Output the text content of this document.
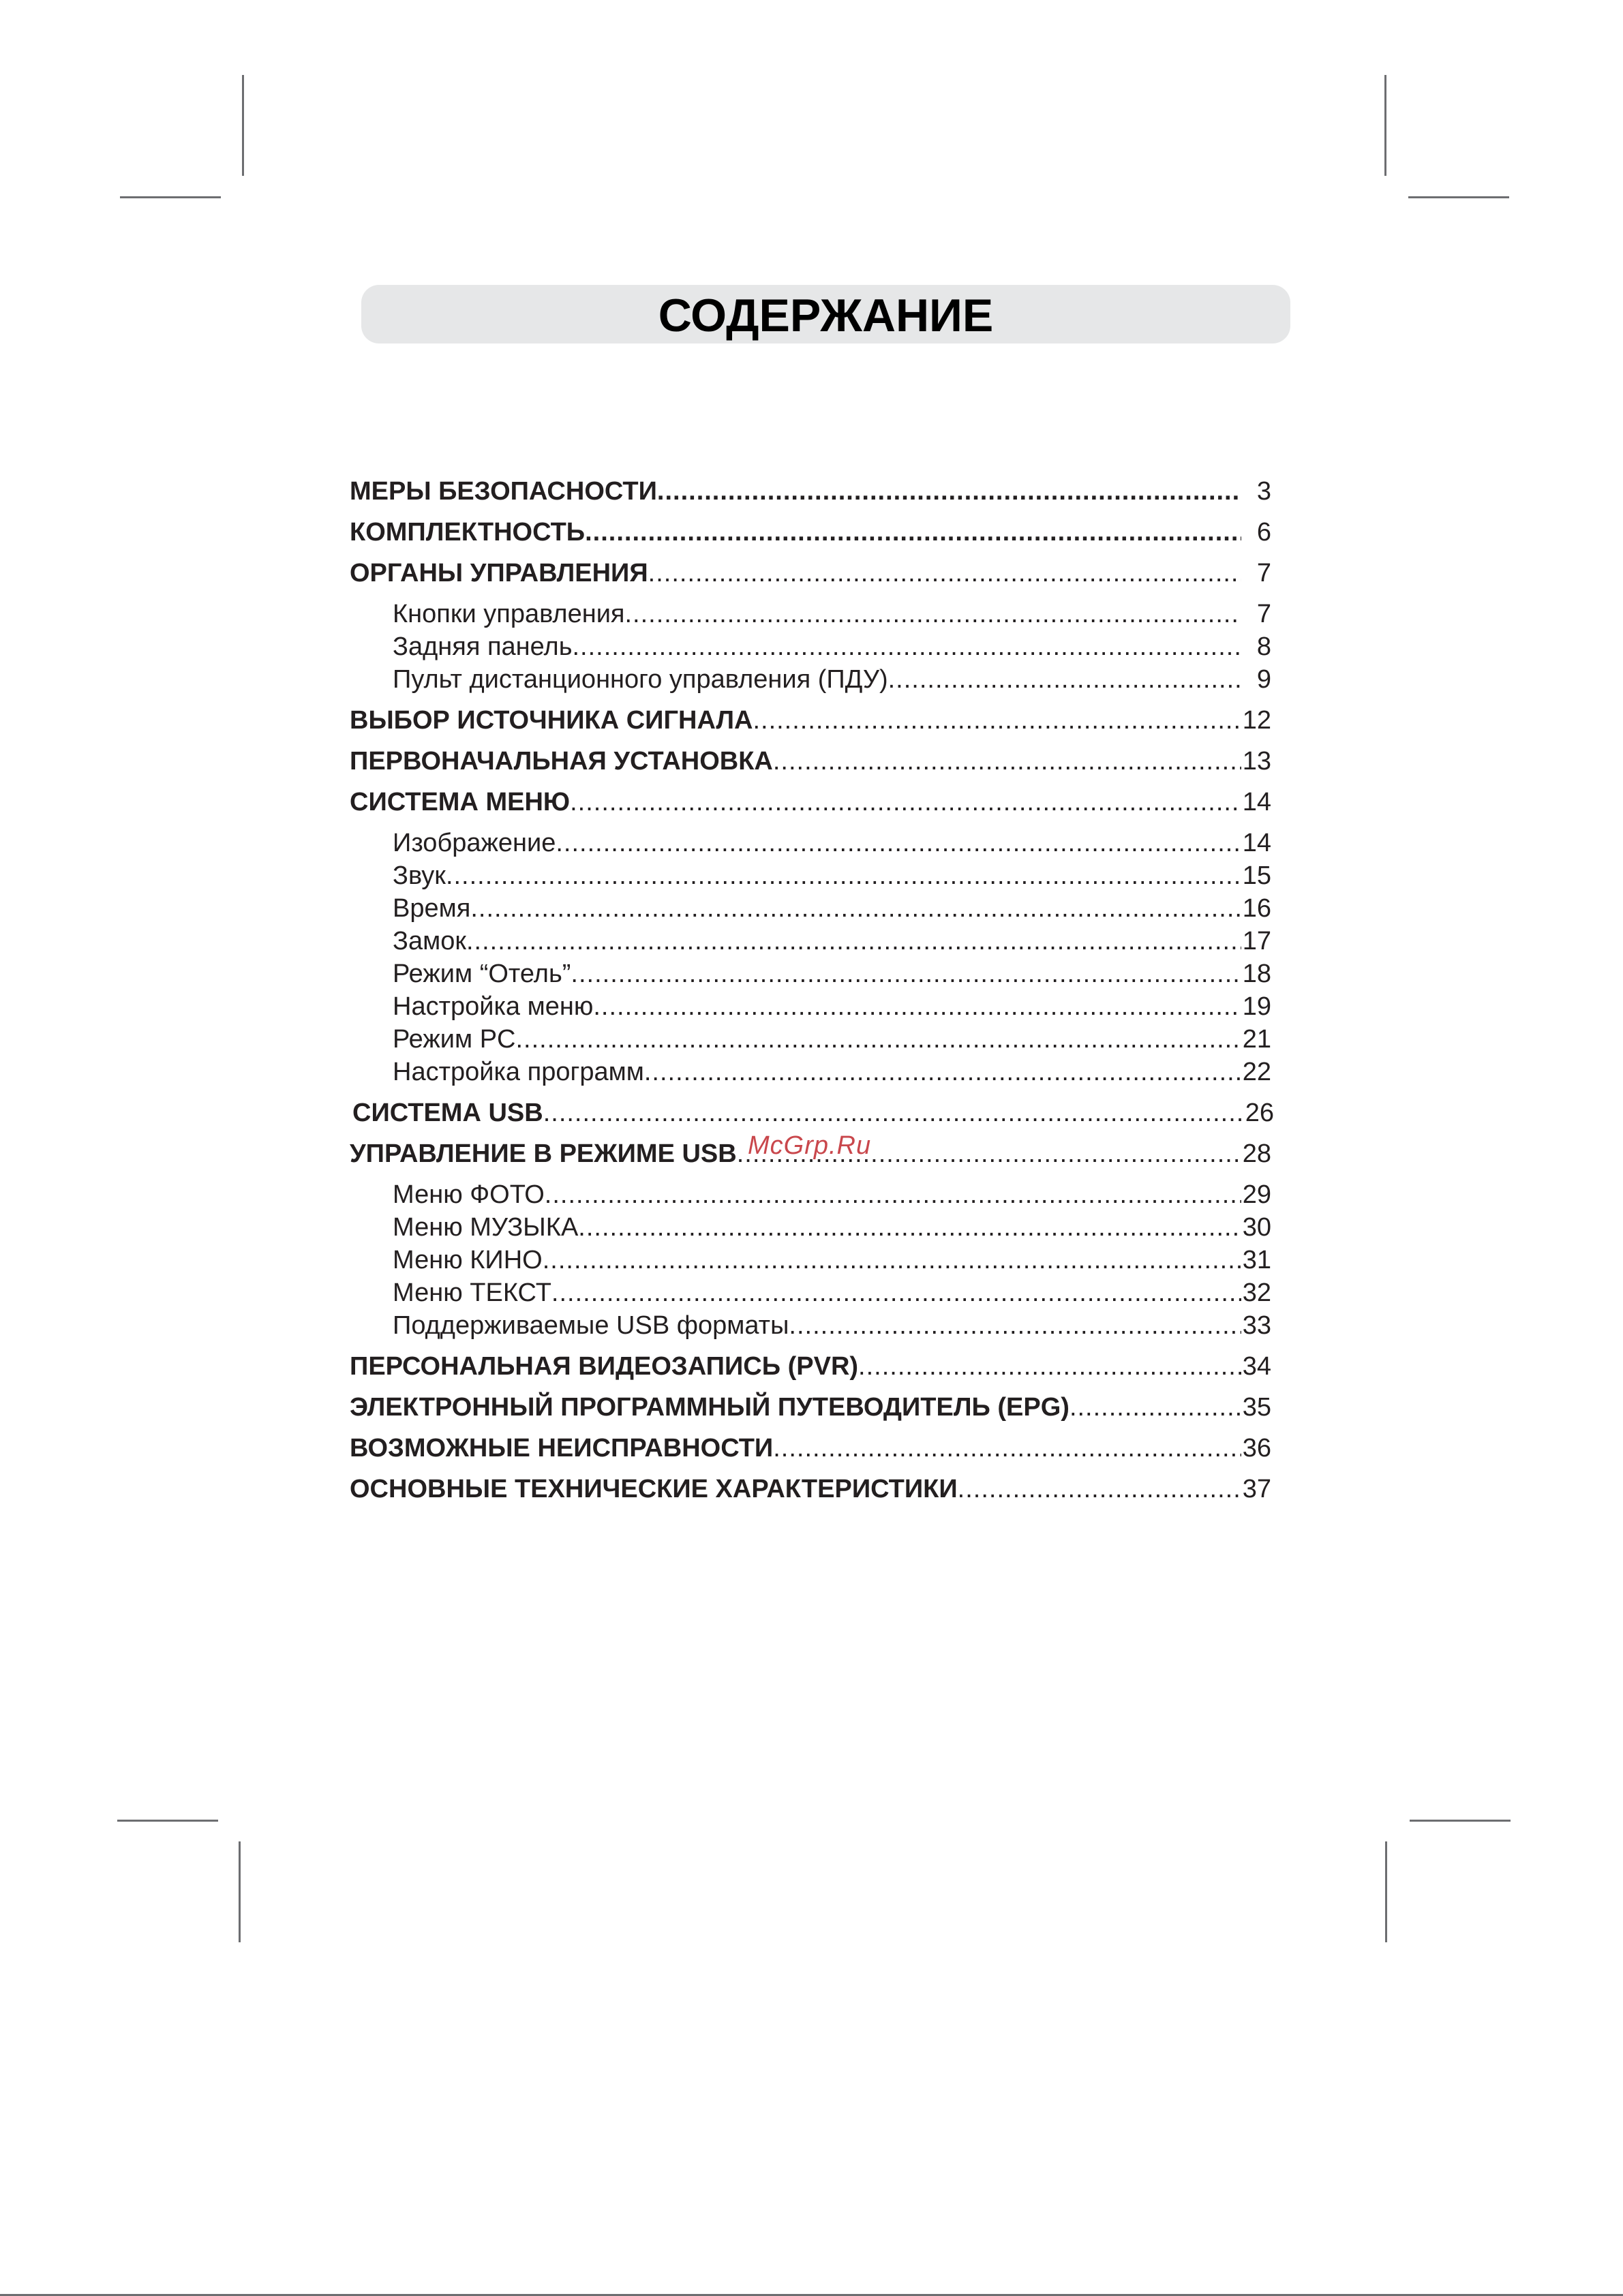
СОДЕРЖАНИЕ
МЕРЫ БЕЗОПАСНОСТИ .....	3
КОМПЛЕКТНОСТЬ .....	6
ОРГАНЫ УПРАВЛЕНИЯ .....	7
Кнопки управления .....	7
Задняя панель .....	8
Пульт дистанционного управления (ПДУ) .....	9
ВЫБОР ИСТОЧНИКА СИГНАЛА .....	12
ПЕРВОНАЧАЛЬНАЯ УСТАНОВКА .....	13
СИСТЕМА МЕНЮ .....	14
Изображение .....	14
Звук .....	15
Время .....	16
Замок .....	17
Режим “Отель” .....	18
Настройка меню .....	19
Режим PC .....	21
Настройка программ .....	22
СИСТЕМА USB .....	26
УПРАВЛЕНИЕ В РЕЖИМЕ USB .....	28
Меню ФОТО .....	29
Меню МУЗЫКА .....	30
Меню КИНО .....	31
Меню ТЕКСТ .....	32
Поддерживаемые USB форматы .....	33
ПЕРСОНАЛЬНАЯ ВИДЕОЗАПИСЬ (PVR) .....	34
ЭЛЕКТРОННЫЙ ПРОГРАММНЫЙ ПУТЕВОДИТЕЛЬ (EPG) .....	35
ВОЗМОЖНЫЕ НЕИСПРАВНОСТИ .....	36
ОСНОВНЫЕ ТЕХНИЧЕСКИЕ ХАРАКТЕРИСТИКИ .....	37
McGrp.Ru
